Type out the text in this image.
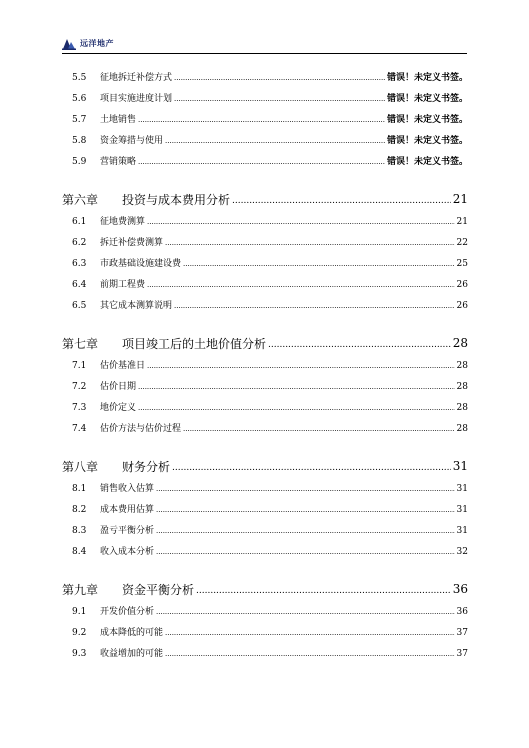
远洋地产
5.5	征地拆迁补偿方式 .....	错误！未定义书签。
5.6	项目实施进度计划 .....	错误！未定义书签。
5.7	土地销售 .....	错误！未定义书签。
5.8	资金筹措与使用 .....	错误！未定义书签。
5.9	营销策略 .....	错误！未定义书签。
第六章 投资与成本费用分析 .....	21
6.1	征地费测算 .....	21
6.2	拆迁补偿费测算 .....	22
6.3	市政基础设施建设费 .....	25
6.4	前期工程费 .....	26
6.5	其它成本测算说明 .....	26
第七章 项目竣工后的土地价值分析 .....	28
7.1	估价基准日 .....	28
7.2	估价日期 .....	28
7.3	地价定义 .....	28
7.4	估价方法与估价过程 .....	28
第八章 财务分析 .....	31
8.1	销售收入估算 .....	31
8.2	成本费用估算 .....	31
8.3	盈亏平衡分析 .....	31
8.4	收入成本分析 .....	32
第九章 资金平衡分析 .....	36
9.1	开发价值分析 .....	36
9.2	成本降低的可能 .....	37
9.3	收益增加的可能 .....	37
